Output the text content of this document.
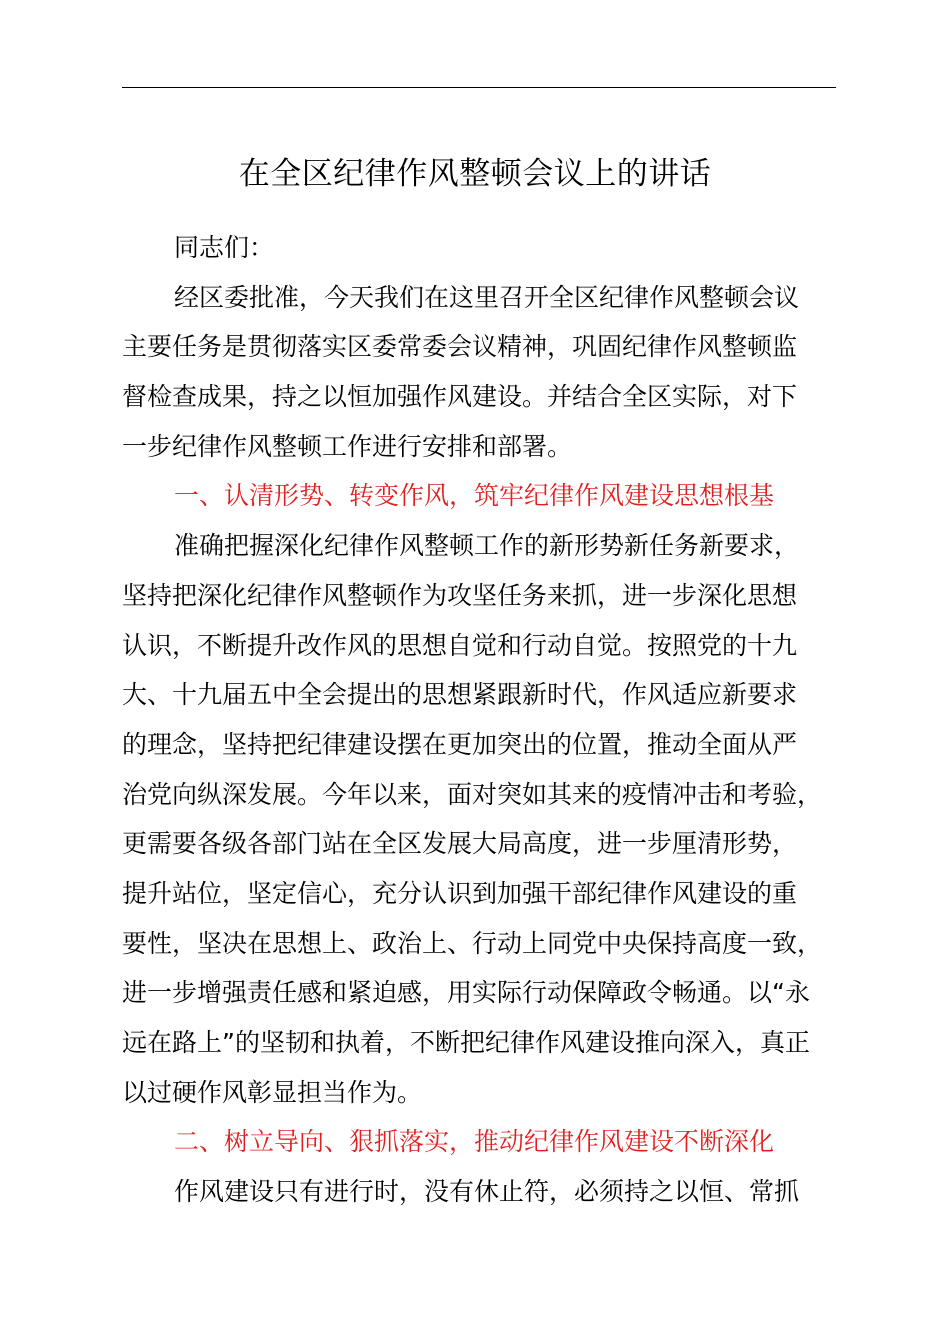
在全区纪律作风整顿会议上的讲话
同志们：
经区委批准，今天我们在这里召开全区纪律作风整顿会议
主要任务是贯彻落实区委常委会议精神，巩固纪律作风整顿监
督检查成果，持之以恒加强作风建设。并结合全区实际，对下
一步纪律作风整顿工作进行安排和部署。
一、认清形势、转变作风，筑牢纪律作风建设思想根基
准确把握深化纪律作风整顿工作的新形势新任务新要求，
坚持把深化纪律作风整顿作为攻坚任务来抓，进一步深化思想
认识，不断提升改作风的思想自觉和行动自觉。按照党的十九
大、十九届五中全会提出的思想紧跟新时代，作风适应新要求
的理念，坚持把纪律建设摆在更加突出的位置，推动全面从严
治党向纵深发展。今年以来，面对突如其来的疫情冲击和考验，
更需要各级各部门站在全区发展大局高度，进一步厘清形势，
提升站位，坚定信心，充分认识到加强干部纪律作风建设的重
要性，坚决在思想上、政治上、行动上同党中央保持高度一致，
进一步增强责任感和紧迫感，用实际行动保障政令畅通。以“永
远在路上”的坚韧和执着，不断把纪律作风建设推向深入，真正
以过硬作风彰显担当作为。
二、树立导向、狠抓落实，推动纪律作风建设不断深化
作风建设只有进行时，没有休止符，必须持之以恒、常抓
